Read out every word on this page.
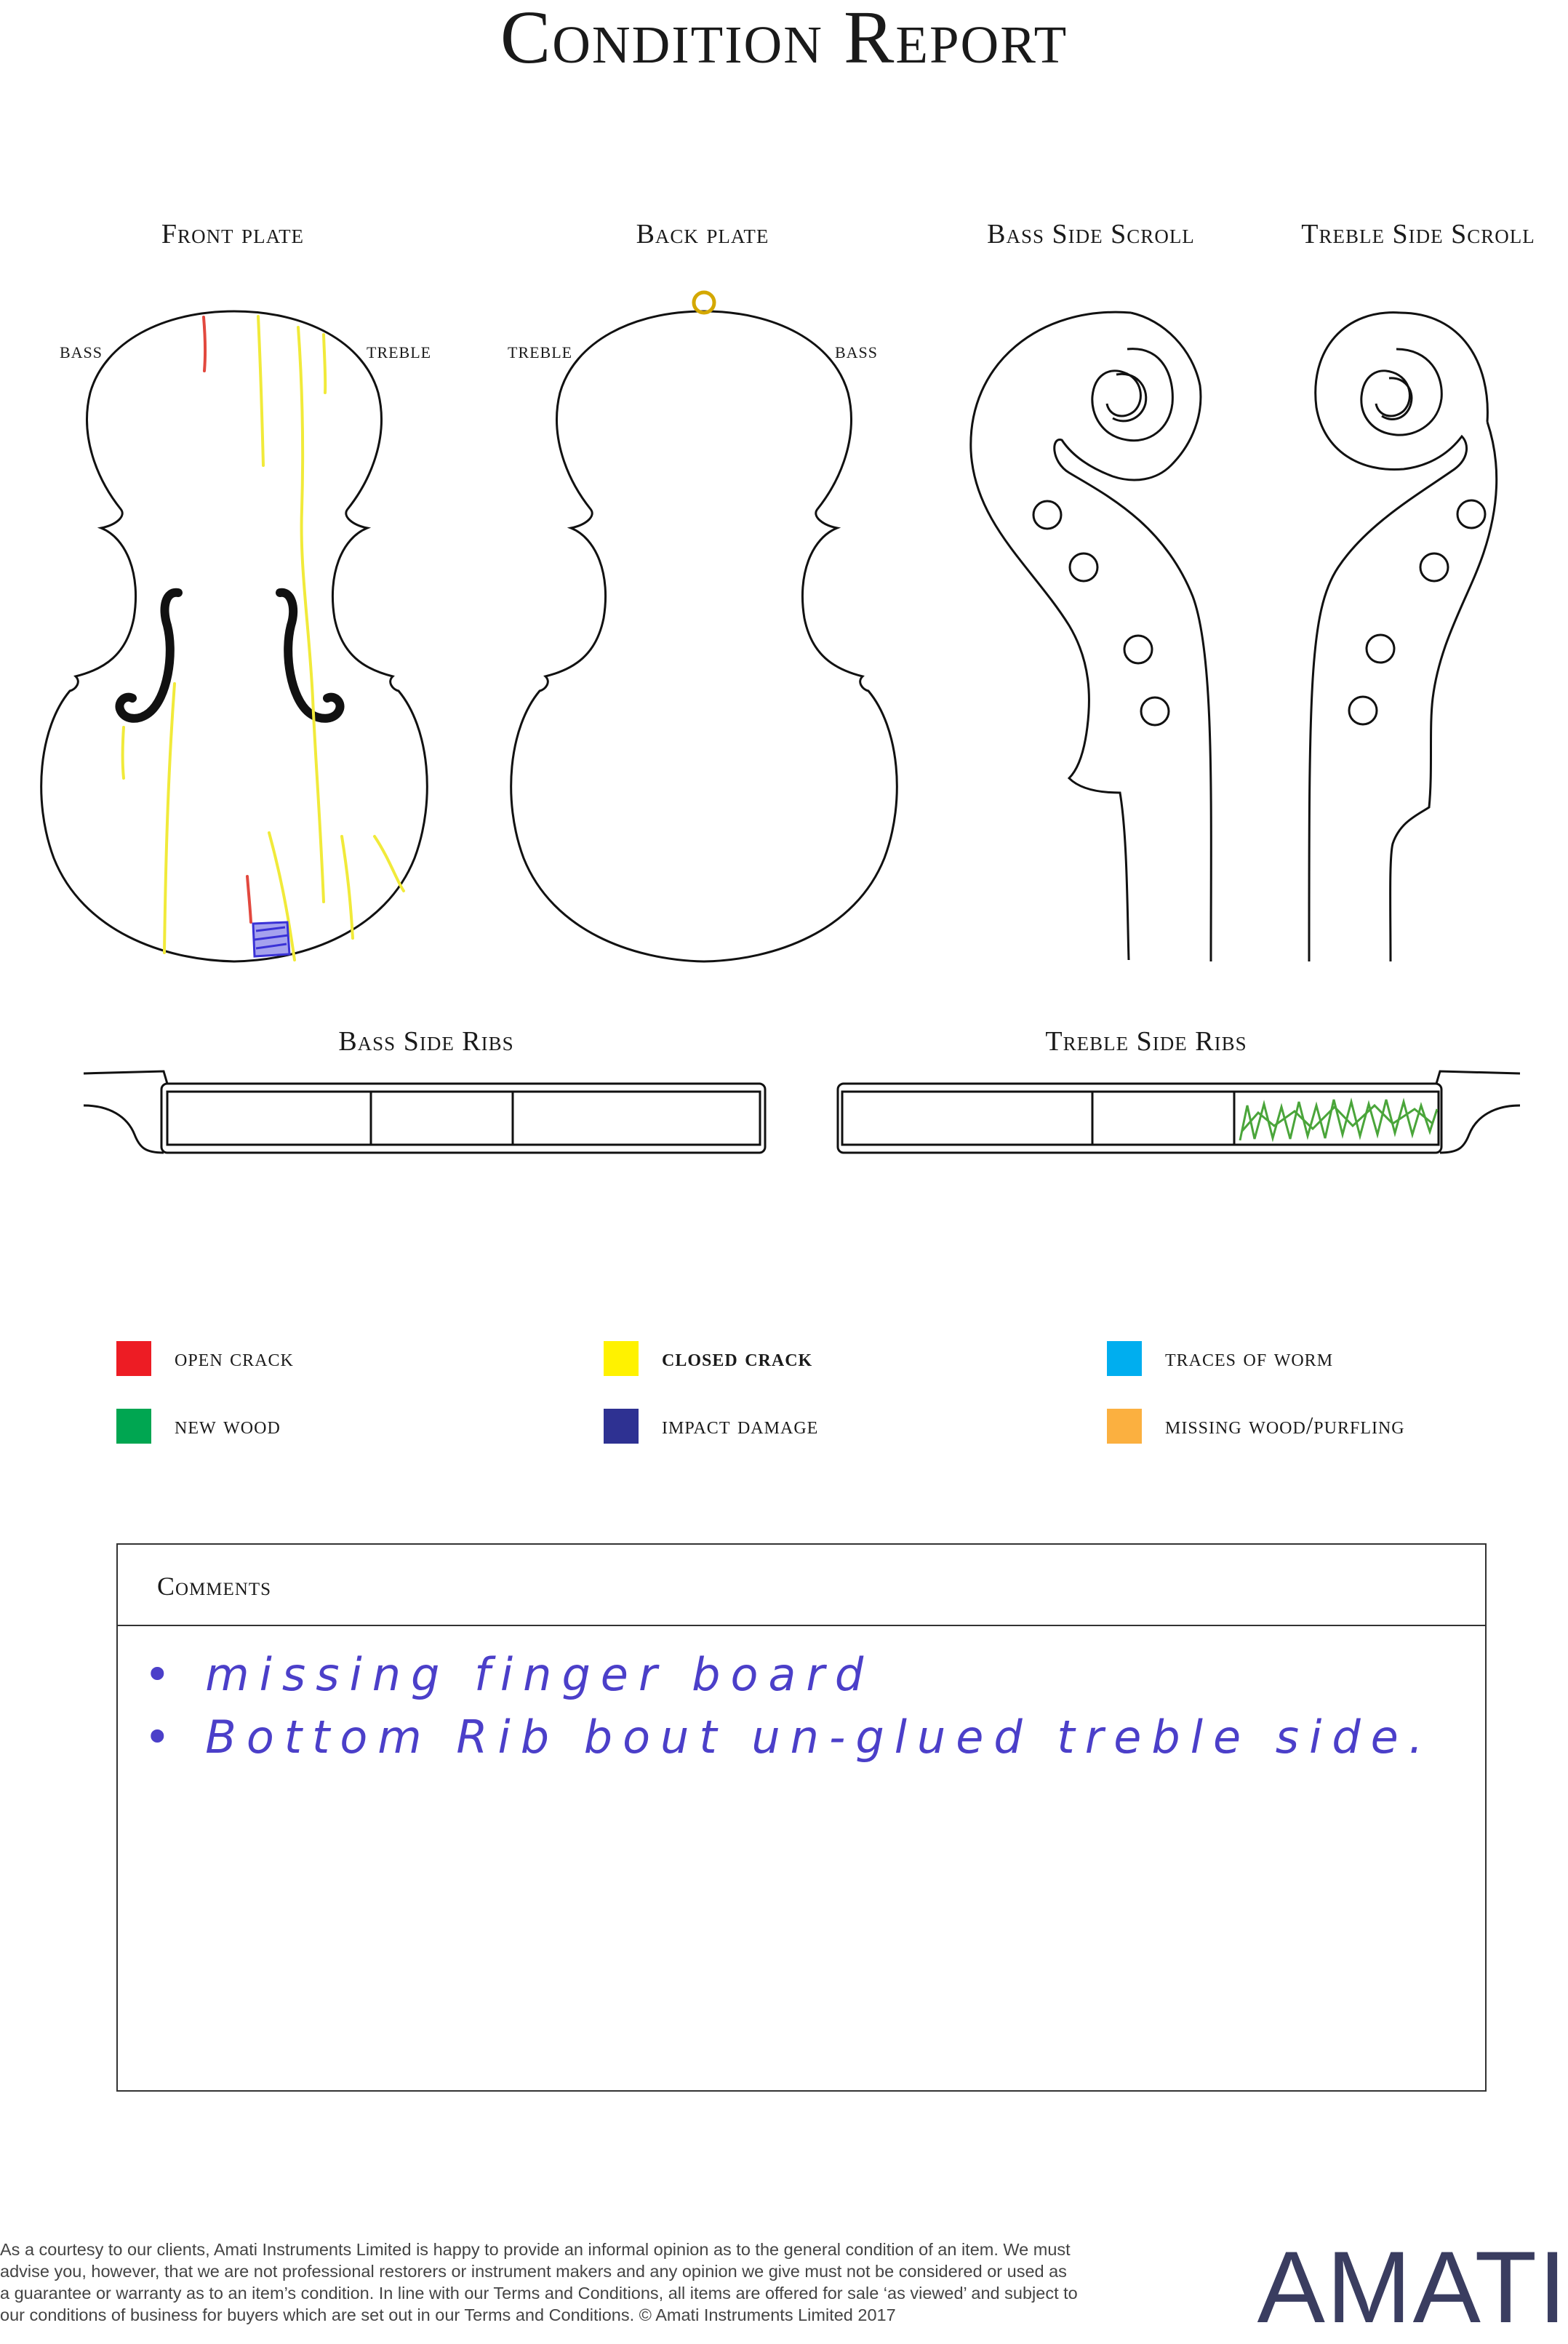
Condition Report
Front plate	Back plate	Bass Side Scroll	Treble Side Scroll
Bass Side Ribs	Treble Side Ribs
BASS	TREBLE	TREBLE	BASS
open crack	closed crack	traces of worm
new wood	impact damage	missing wood/purfling
Comments
• missing finger board
• Bottom Rib bout un-glued treble side.
As a courtesy to our clients, Amati Instruments Limited is happy to provide an informal opinion as to the general condition of an item. We must
advise you, however, that we are not professional restorers or instrument makers and any opinion we give must not be considered or used as
a guarantee or warranty as to an item’s condition. In line with our Terms and Conditions, all items are offered for sale ‘as viewed’ and subject to
our conditions of business for buyers which are set out in our Terms and Conditions. © Amati Instruments Limited 2017	AMATI
